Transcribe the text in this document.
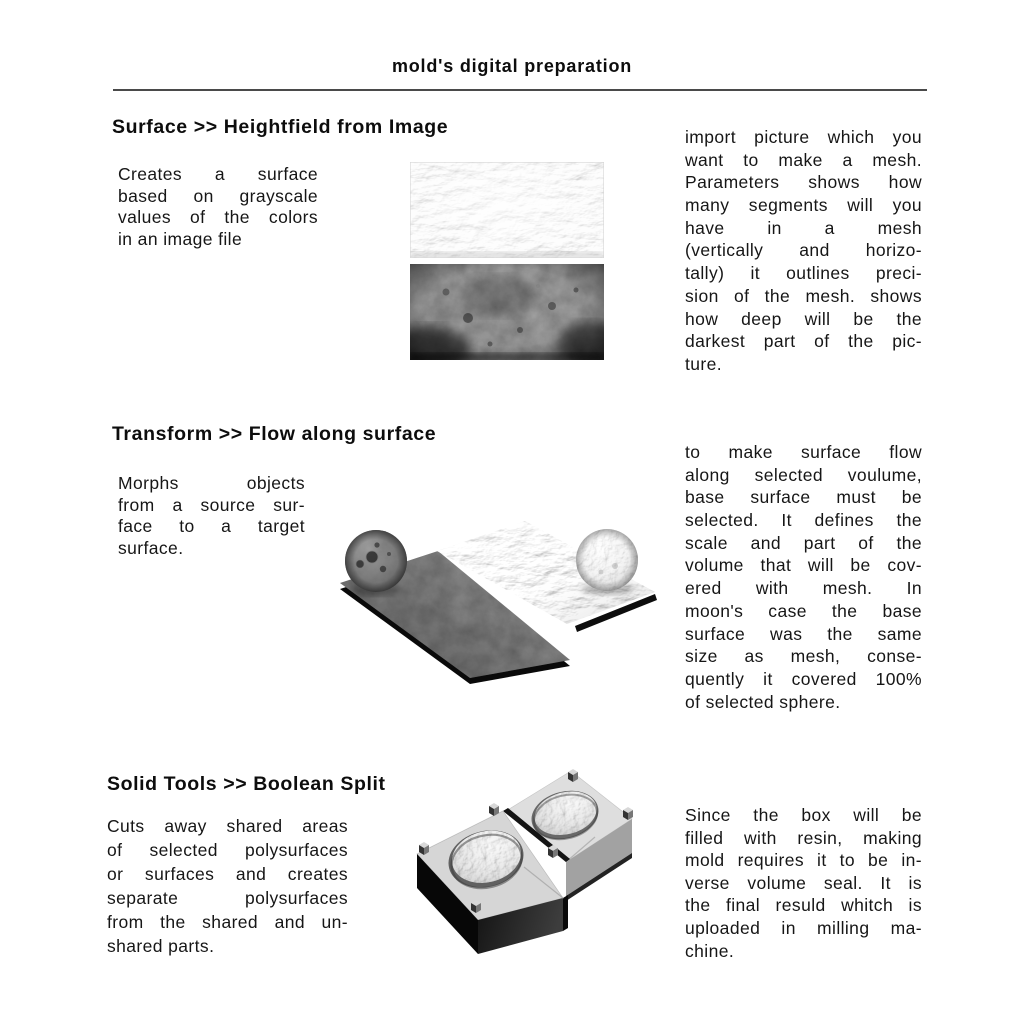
mold's digital preparation
Surface >> Heightfield from Image
Creates a surface
based on grayscale
values of the colors
in an image file
import picture which you
want to make a mesh.
Parameters shows how
many segments will you
have in a mesh
(vertically and horizo-
tally) it outlines preci-
sion of the mesh. shows
how deep will be the
darkest part of the pic-
ture.
Transform >> Flow along surface
Morphs objects
from a source sur-
face to a target
surface.
to make surface flow
along selected voulume,
base surface must be
selected. It defines the
scale and part of the
volume that will be cov-
ered with mesh. In
moon's case the base
surface was the same
size as mesh, conse-
quently it covered 100%
of selected sphere.
Solid Tools >> Boolean Split
Cuts away shared areas
of selected polysurfaces
or surfaces and creates
separate polysurfaces
from the shared and un-
shared parts.
Since the box will be
filled with resin, making
mold requires it to be in-
verse volume seal. It is
the final resuld whitch is
uploaded in milling ma-
chine.
